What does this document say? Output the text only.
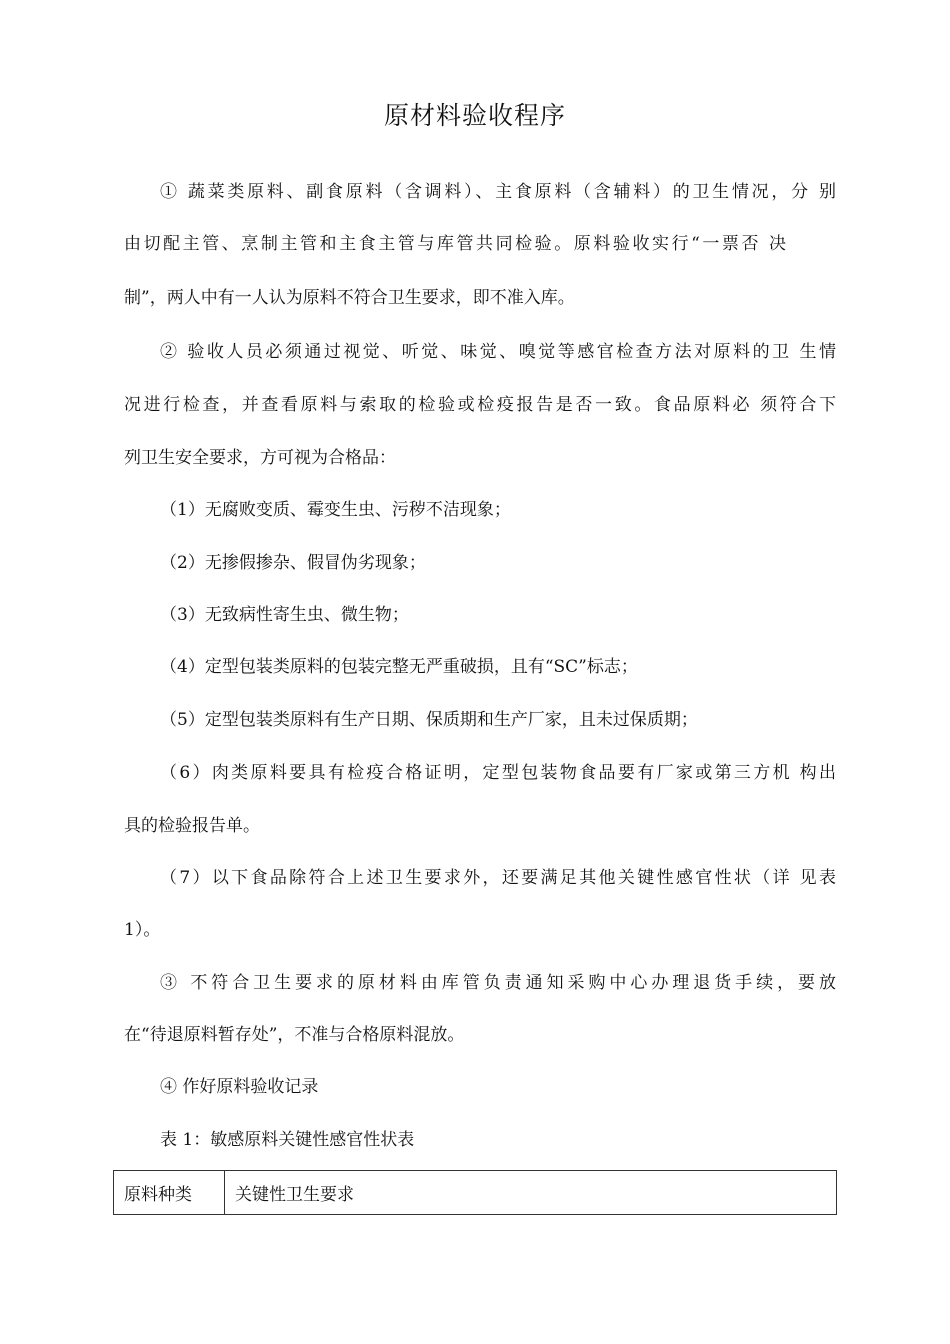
原材料验收程序
① 蔬菜类原料、副食原料（含调料）、主食原料（含辅料）的卫生情况，分 别
由切配主管、烹制主管和主食主管与库管共同检验。原料验收实行“一票否 决
制”，两人中有一人认为原料不符合卫生要求，即不准入库。
② 验收人员必须通过视觉、听觉、味觉、嗅觉等感官检查方法对原料的卫 生情
况进行检查，并查看原料与索取的检验或检疫报告是否一致。食品原料必 须符合下
列卫生安全要求，方可视为合格品：
（1）无腐败变质、霉变生虫、污秽不洁现象；
（2）无掺假掺杂、假冒伪劣现象；
（3）无致病性寄生虫、微生物；
（4）定型包装类原料的包装完整无严重破损，且有“SC”标志；
（5）定型包装类原料有生产日期、保质期和生产厂家，且未过保质期；
（6）肉类原料要具有检疫合格证明，定型包装物食品要有厂家或第三方机 构出
具的检验报告单。
（7）以下食品除符合上述卫生要求外，还要满足其他关键性感官性状（详 见表
1）。
③ 不符合卫生要求的原材料由库管负责通知采购中心办理退货手续，要放
在“待退原料暂存处”，不准与合格原料混放。
④ 作好原料验收记录
表 1：敏感原料关键性感官性状表
原料种类	关键性卫生要求
